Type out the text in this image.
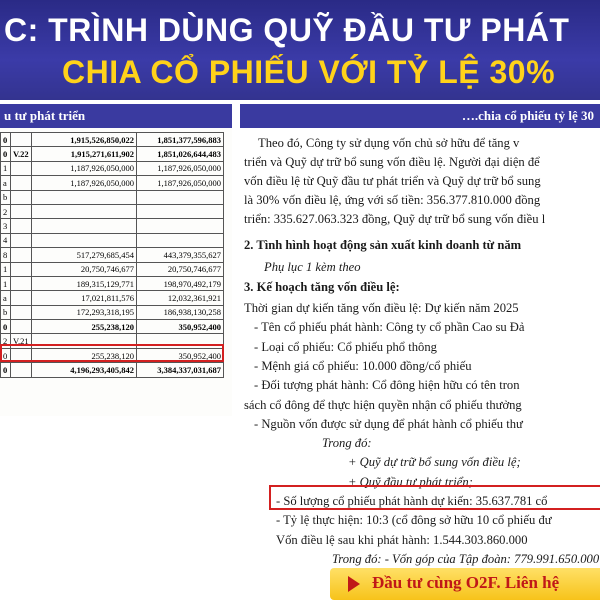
C: TRÌNH DÙNG QUỸ ĐẦU TƯ PHÁT
CHIA CỔ PHIẾU VỚI TỶ LỆ 30%
u tư phát triển
0		1,915,526,850,022	1,851,377,596,883
0	V.22	1,915,271,611,902	1,851,026,644,483
1		1,187,926,050,000	1,187,926,050,000
a		1,187,926,050,000	1,187,926,050,000
b			
2			
3			
4			
8		517,279,685,454	443,379,355,627
1		20,750,746,677	20,750,746,677
1		189,315,129,771	198,970,492,179
a		17,021,811,576	12,032,361,921
b		172,293,318,195	186,938,130,258
0		255,238,120	350,952,400
2	V.21		
0		255,238,120	350,952,400
0		4,196,293,405,842	3,384,337,031,687
….chia cổ phiếu tỷ lệ 30
Theo đó, Công ty sử dụng vốn chủ sở hữu để tăng v
triển và Quỹ dự trữ bổ sung vốn điều lệ. Người đại diện để
vốn điều lệ từ Quỹ đầu tư phát triển và Quỹ dự trữ bổ sung
là 30% vốn điều lệ, ứng với số tiền: 356.377.810.000 đồng
triển: 335.627.063.323 đồng, Quỹ dự trữ bổ sung vốn điều l
2. Tình hình hoạt động sản xuất kinh doanh từ năm
Phụ lục 1 kèm theo
3. Kế hoạch tăng vốn điều lệ:
Thời gian dự kiến tăng vốn điều lệ: Dự kiến năm 2025
- Tên cổ phiếu phát hành: Công ty cổ phần Cao su Đả
- Loại cổ phiếu: Cổ phiếu phổ thông
- Mệnh giá cổ phiếu: 10.000 đồng/cổ phiếu
- Đối tượng phát hành: Cổ đông hiện hữu có tên tron
sách cổ đông để thực hiện quyền nhận cổ phiếu thưởng
- Nguồn vốn được sử dụng để phát hành cổ phiếu thư
Trong đó:
+ Quỹ dự trữ bổ sung vốn điều lệ;
+ Quỹ đầu tư phát triển;
- Số lượng cổ phiếu phát hành dự kiến: 35.637.781 cổ
- Tỷ lệ thực hiện: 10:3 (cổ đông sở hữu 10 cổ phiếu đư
Vốn điều lệ sau khi phát hành: 1.544.303.860.000
Trong đó: - Vốn góp của Tập đoàn: 779.991.650.000
Đầu tư cùng O2F. Liên hệ
